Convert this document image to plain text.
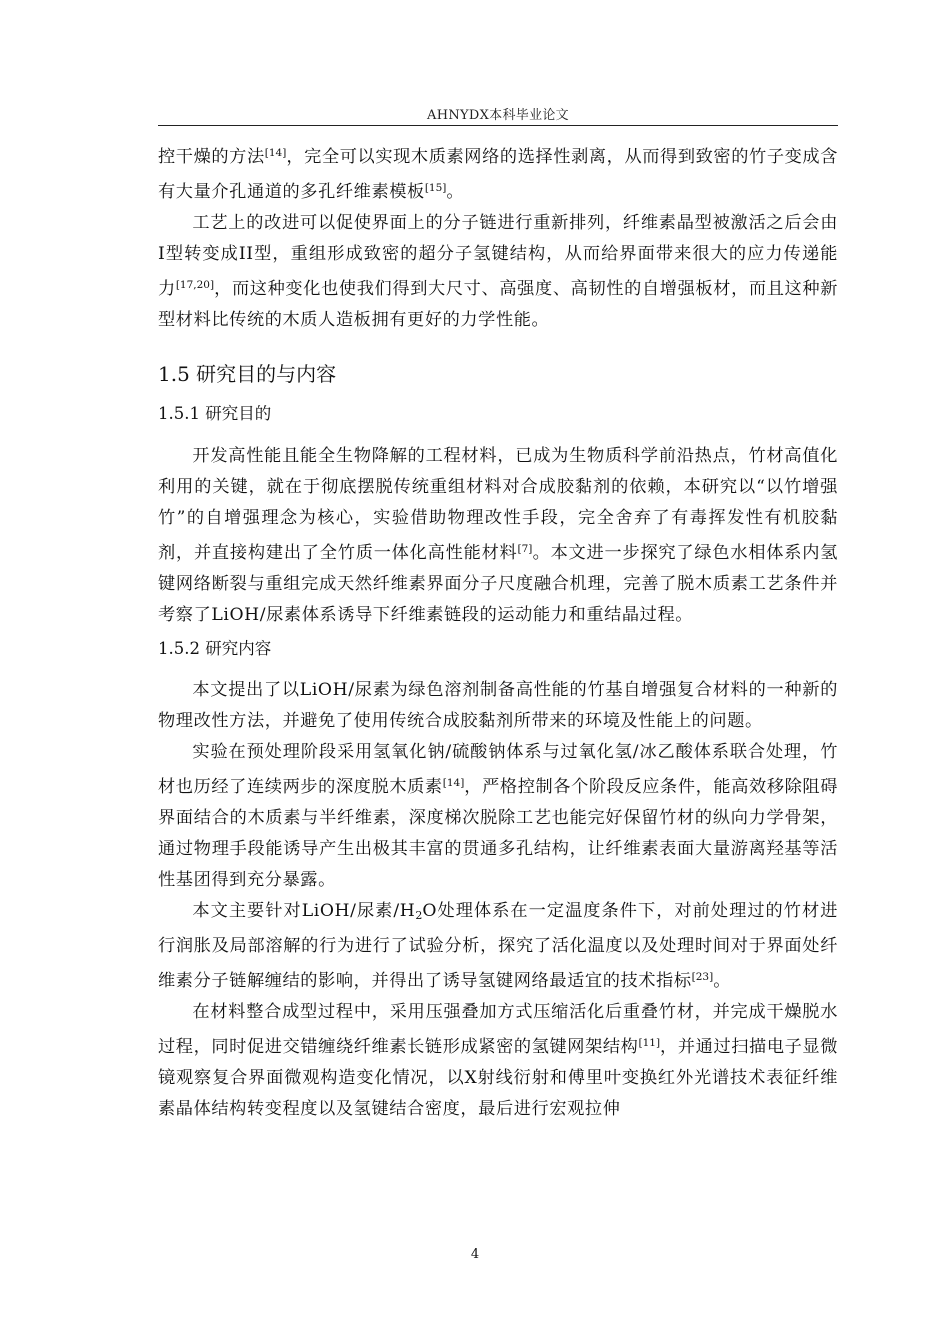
AHNYDX本科毕业论文

控干燥的方法[14]，完全可以实现木质素网络的选择性剥离，从而得到致密的竹子变成含有大量介孔通道的多孔纤维素模板[15]。

工艺上的改进可以促使界面上的分子链进行重新排列，纤维素晶型被激活之后会由I型转变成II型，重组形成致密的超分子氢键结构，从而给界面带来很大的应力传递能力[17,20]，而这种变化也使我们得到大尺寸、高强度、高韧性的自增强板材，而且这种新型材料比传统的木质人造板拥有更好的力学性能。

1.5 研究目的与内容
1.5.1 研究目的

开发高性能且能全生物降解的工程材料，已成为生物质科学前沿热点，竹材高值化利用的关键，就在于彻底摆脱传统重组材料对合成胶黏剂的依赖，本研究以“以竹增强竹”的自增强理念为核心，实验借助物理改性手段，完全舍弃了有毒挥发性有机胶黏剂，并直接构建出了全竹质一体化高性能材料[7]。本文进一步探究了绿色水相体系内氢键网络断裂与重组完成天然纤维素界面分子尺度融合机理，完善了脱木质素工艺条件并考察了LiOH/尿素体系诱导下纤维素链段的运动能力和重结晶过程。

1.5.2 研究内容

本文提出了以LiOH/尿素为绿色溶剂制备高性能的竹基自增强复合材料的一种新的物理改性方法，并避免了使用传统合成胶黏剂所带来的环境及性能上的问题。

实验在预处理阶段采用氢氧化钠/硫酸钠体系与过氧化氢/冰乙酸体系联合处理，竹材也历经了连续两步的深度脱木质素[14]，严格控制各个阶段反应条件，能高效移除阻碍界面结合的木质素与半纤维素，深度梯次脱除工艺也能完好保留竹材的纵向力学骨架，通过物理手段能诱导产生出极其丰富的贯通多孔结构，让纤维素表面大量游离羟基等活性基团得到充分暴露。

本文主要针对LiOH/尿素$/H_2O$处理体系在一定温度条件下，对前处理过的竹材进行润胀及局部溶解的行为进行了试验分析，探究了活化温度以及处理时间对于界面处纤维素分子链解缠结的影响，并得出了诱导氢键网络最适宜的技术指标[23]。

在材料整合成型过程中，采用压强叠加方式压缩活化后重叠竹材，并完成干燥脱水过程，同时促进交错缠绕纤维素长链形成紧密的氢键网架结构[11]，并通过扫描电子显微镜观察复合界面微观构造变化情况，以X射线衍射和傅里叶变换红外光谱技术表征纤维素晶体结构转变程度以及氢键结合密度，最后进行宏观拉伸

4
